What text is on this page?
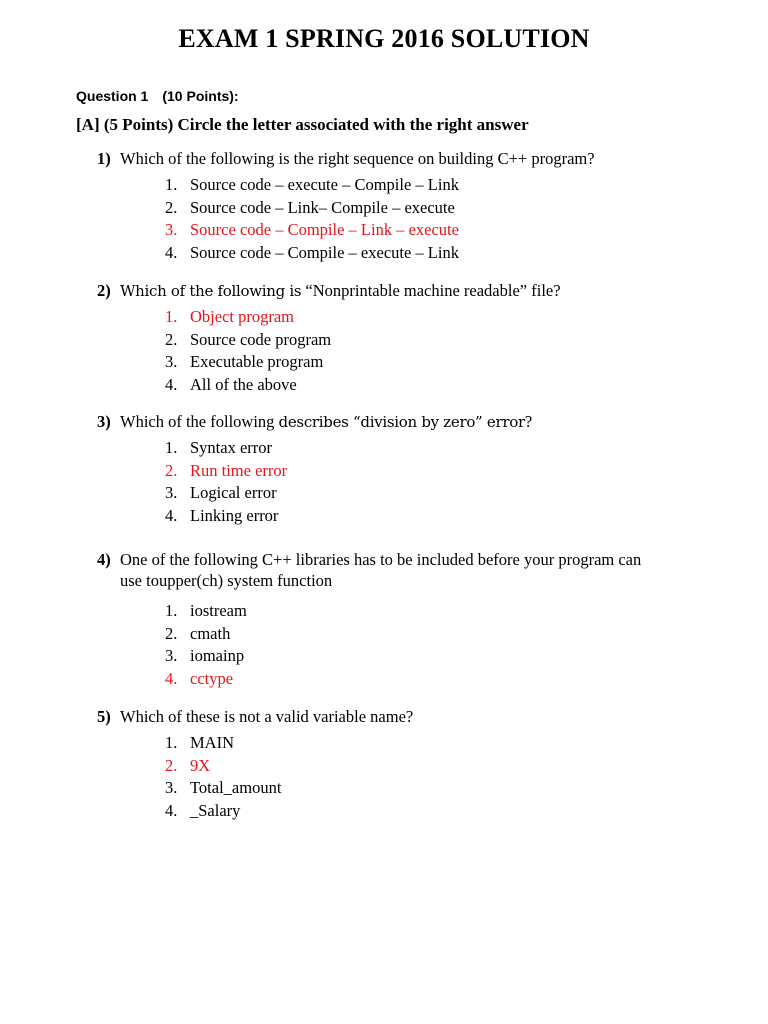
EXAM 1 SPRING 2016 SOLUTION
Question 1 (10 Points):
[A] (5 Points) Circle the letter associated with the right answer
1) Which of the following is the right sequence on building C++ program?
1. Source code – execute – Compile – Link
2. Source code – Link– Compile – execute
3. Source code – Compile – Link – execute
4. Source code – Compile – execute – Link
2) Which of the following is “Nonprintable machine readable” file?
1. Object program
2. Source code program
3. Executable program
4. All of the above
3) Which of the following describes “division by zero” error?
1. Syntax error
2. Run time error
3. Logical error
4. Linking error
4) One of the following C++ libraries has to be included before your program can
use toupper(ch) system function
1. iostream
2. cmath
3. iomainp
4. cctype
5) Which of these is not a valid variable name?
1. MAIN
2. 9X
3. Total_amount
4. _Salary
